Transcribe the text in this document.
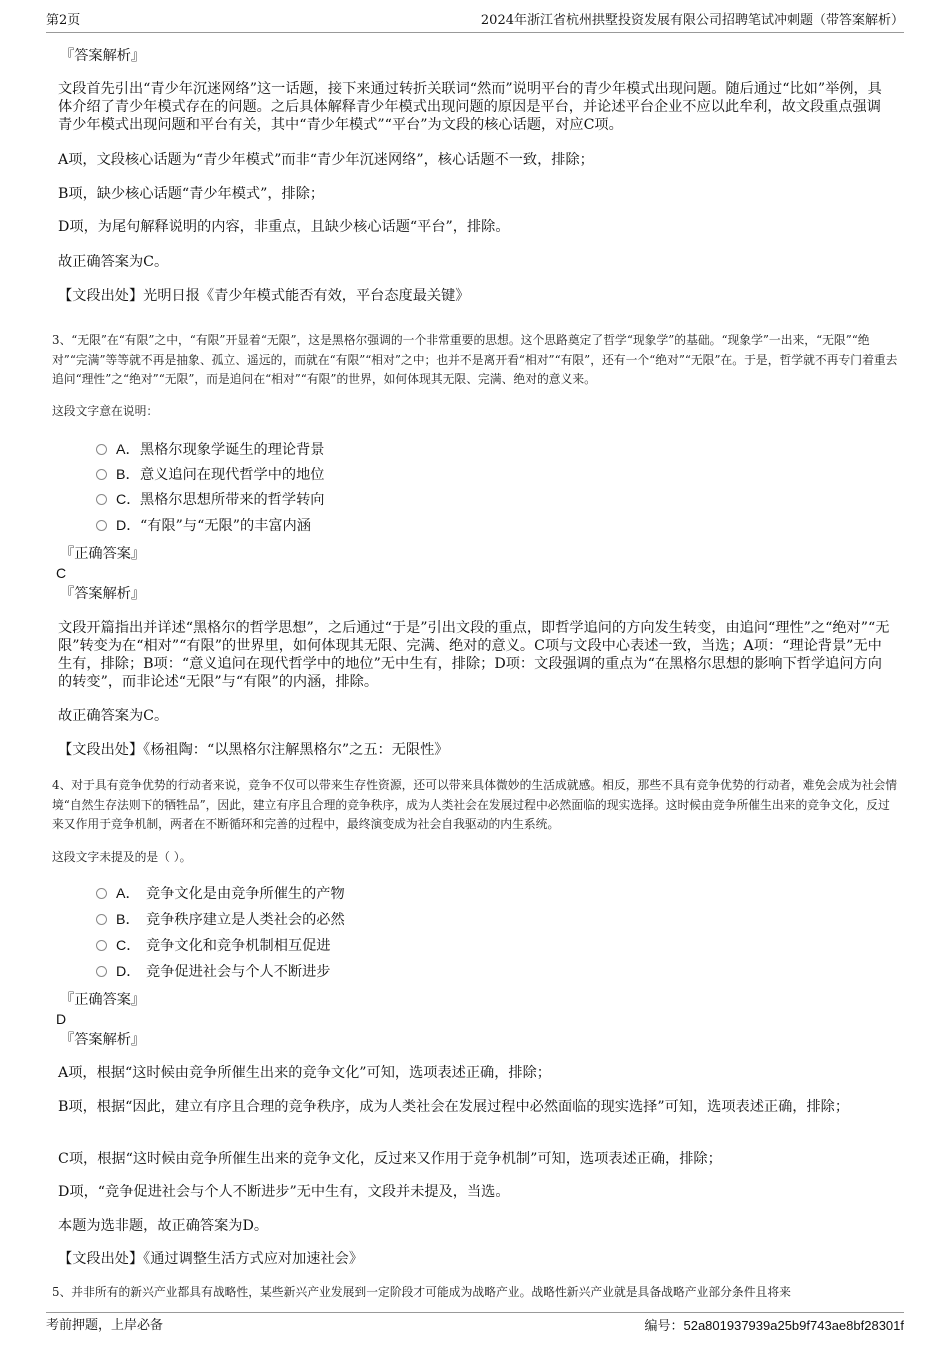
第2页	2024年浙江省杭州拱墅投资发展有限公司招聘笔试冲刺题（带答案解析）
『答案解析』
文段首先引出“青少年沉迷网络”这一话题，接下来通过转折关联词“然而”说明平台的青少年模式出现问题。随后通过“比如”举例，具体介绍了青少年模式存在的问题。之后具体解释青少年模式出现问题的原因是平台，并论述平台企业不应以此牟利，故文段重点强调青少年模式出现问题和平台有关，其中“青少年模式”“平台”为文段的核心话题，对应C项。
A项，文段核心话题为“青少年模式”而非“青少年沉迷网络”，核心话题不一致，排除；
B项，缺少核心话题“青少年模式”，排除；
D项，为尾句解释说明的内容，非重点，且缺少核心话题“平台”，排除。
故正确答案为C。
【文段出处】光明日报《青少年模式能否有效，平台态度最关键》
3、“无限”在“有限”之中，“有限”开显着“无限”，这是黑格尔强调的一个非常重要的思想。这个思路奠定了哲学“现象学”的基础。“现象学”一出来，“无限”“绝对”“完满”等等就不再是抽象、孤立、遥远的，而就在“有限”“相对”之中；也并不是离开看“相对”“有限”，还有一个“绝对”“无限”在。于是，哲学就不再专门着重去追问“理性”之“绝对”“无限”，而是追问在“相对”“有限”的世界，如何体现其无限、完满、绝对的意义来。
这段文字意在说明：
A．黑格尔现象学诞生的理论背景
B．意义追问在现代哲学中的地位
C．黑格尔思想所带来的哲学转向
D．“有限”与“无限”的丰富内涵
『正确答案』
C
『答案解析』
文段开篇指出并详述“黑格尔的哲学思想”，之后通过“于是”引出文段的重点，即哲学追问的方向发生转变，由追问“理性”之“绝对”“无限”转变为在“相对”“有限”的世界里，如何体现其无限、完满、绝对的意义。C项与文段中心表述一致，当选；A项：“理论背景”无中生有，排除；B项：“意义追问在现代哲学中的地位”无中生有，排除；D项：文段强调的重点为“在黑格尔思想的影响下哲学追问方向的转变”，而非论述“无限”与“有限”的内涵，排除。
故正确答案为C。
【文段出处】《杨祖陶：“以黑格尔注解黑格尔”之五：无限性》
4、对于具有竞争优势的行动者来说，竞争不仅可以带来生存性资源，还可以带来具体微妙的生活成就感。相反，那些不具有竞争优势的行动者，难免会成为社会情境“自然生存法则下的牺牲品”，因此，建立有序且合理的竞争秩序，成为人类社会在发展过程中必然面临的现实选择。这时候由竞争所催生出来的竞争文化，反过来又作用于竞争机制，两者在不断循环和完善的过程中，最终演变成为社会自我驱动的内生系统。
这段文字未提及的是（ ）。
A． 竞争文化是由竞争所催生的产物
B． 竞争秩序建立是人类社会的必然
C． 竞争文化和竞争机制相互促进
D． 竞争促进社会与个人不断进步
『正确答案』
D
『答案解析』
A项，根据“这时候由竞争所催生出来的竞争文化”可知，选项表述正确，排除；
B项，根据“因此，建立有序且合理的竞争秩序，成为人类社会在发展过程中必然面临的现实选择”可知，选项表述正确，排除；
C项，根据“这时候由竞争所催生出来的竞争文化，反过来又作用于竞争机制”可知，选项表述正确，排除；
D项，“竞争促进社会与个人不断进步”无中生有，文段并未提及，当选。
本题为选非题，故正确答案为D。
【文段出处】《通过调整生活方式应对加速社会》
5、并非所有的新兴产业都具有战略性，某些新兴产业发展到一定阶段才可能成为战略产业。战略性新兴产业就是具备战略产业部分条件且将来
考前押题，上岸必备	编号：52a801937939a25b9f743ae8bf28301f
